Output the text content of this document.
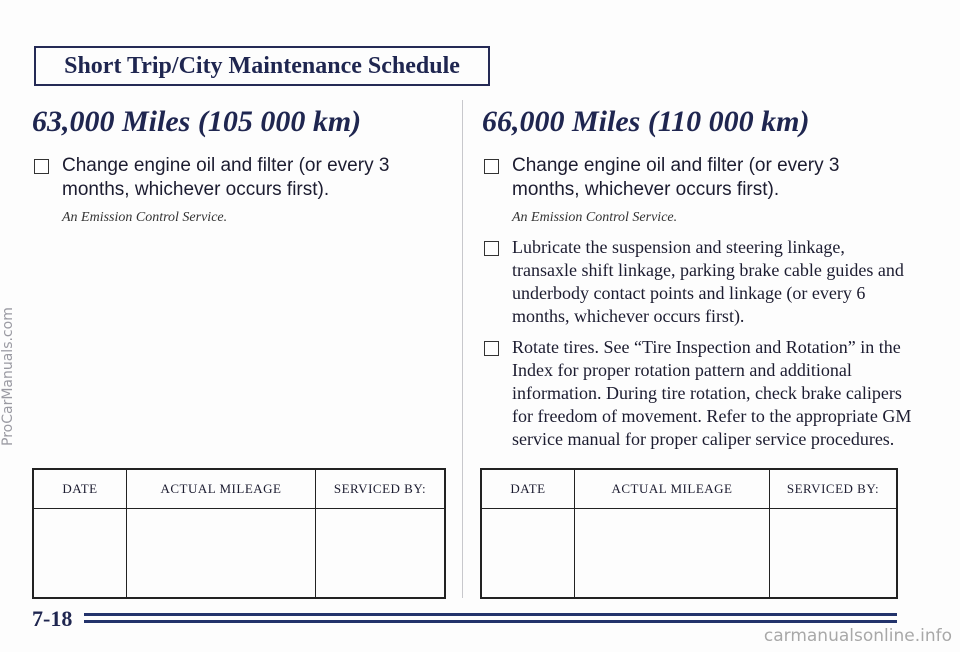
Short Trip/City Maintenance Schedule
ProCarManuals.com
carmanualsonline.info
63,000 Miles (105 000 km)
Change engine oil and filter (or every 3 months, whichever occurs first).
An Emission Control Service.
66,000 Miles (110 000 km)
Change engine oil and filter (or every 3 months, whichever occurs first).
An Emission Control Service.
Lubricate the suspension and steering linkage, transaxle shift linkage, parking brake cable guides and underbody contact points and linkage (or every 6 months, whichever occurs first).
Rotate tires. See “Tire Inspection and Rotation” in the Index for proper rotation pattern and additional information. During tire rotation, check brake calipers for freedom of movement. Refer to the appropriate GM service manual for proper caliper service procedures.
DATE	ACTUAL MILEAGE	SERVICED BY:
			DATE	ACTUAL MILEAGE	SERVICED BY:

7-18
